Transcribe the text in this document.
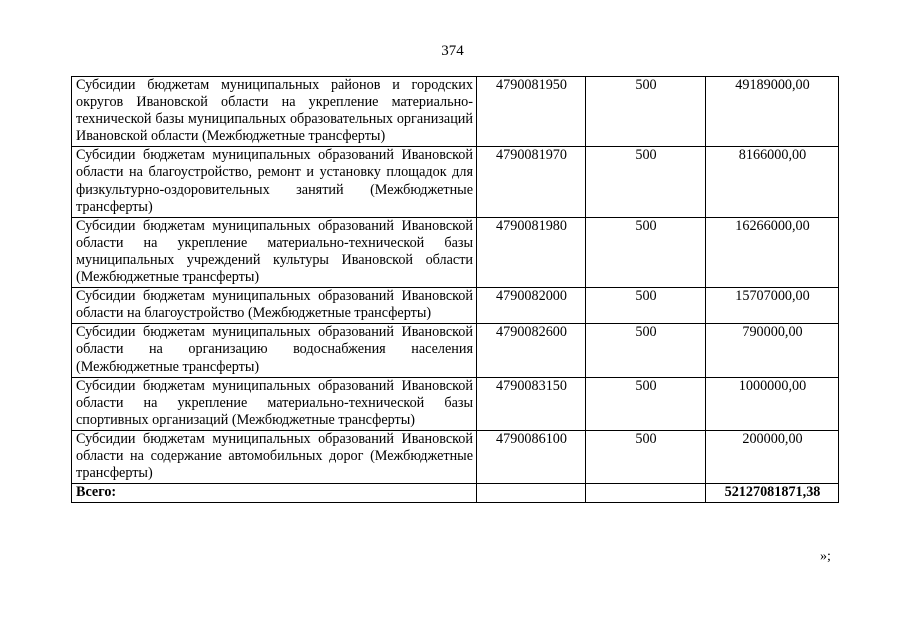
374
Субсидии бюджетам муниципальных районов и городских округов Ивановской области на укрепление материально-технической базы муниципальных образовательных организаций Ивановской области (Межбюджетные трансферты)	4790081950	500	49189000,00
Субсидии бюджетам муниципальных образований Ивановской области на благоустройство, ремонт и установку площадок для физкультурно-оздоровительных занятий (Межбюджетные трансферты)	4790081970	500	8166000,00
Субсидии бюджетам муниципальных образований Ивановской области на укрепление материально-технической базы муниципальных учреждений культуры Ивановской области (Межбюджетные трансферты)	4790081980	500	16266000,00
Субсидии бюджетам муниципальных образований Ивановской области на благоустройство (Межбюджетные трансферты)	4790082000	500	15707000,00
Субсидии бюджетам муниципальных образований Ивановской области на организацию водоснабжения населения (Межбюджетные трансферты)	4790082600	500	790000,00
Субсидии бюджетам муниципальных образований Ивановской области на укрепление материально-технической базы спортивных организаций (Межбюджетные трансферты)	4790083150	500	1000000,00
Субсидии бюджетам муниципальных образований Ивановской области на содержание автомобильных дорог (Межбюджетные трансферты)	4790086100	500	200000,00
Всего:			52127081871,38
»;
